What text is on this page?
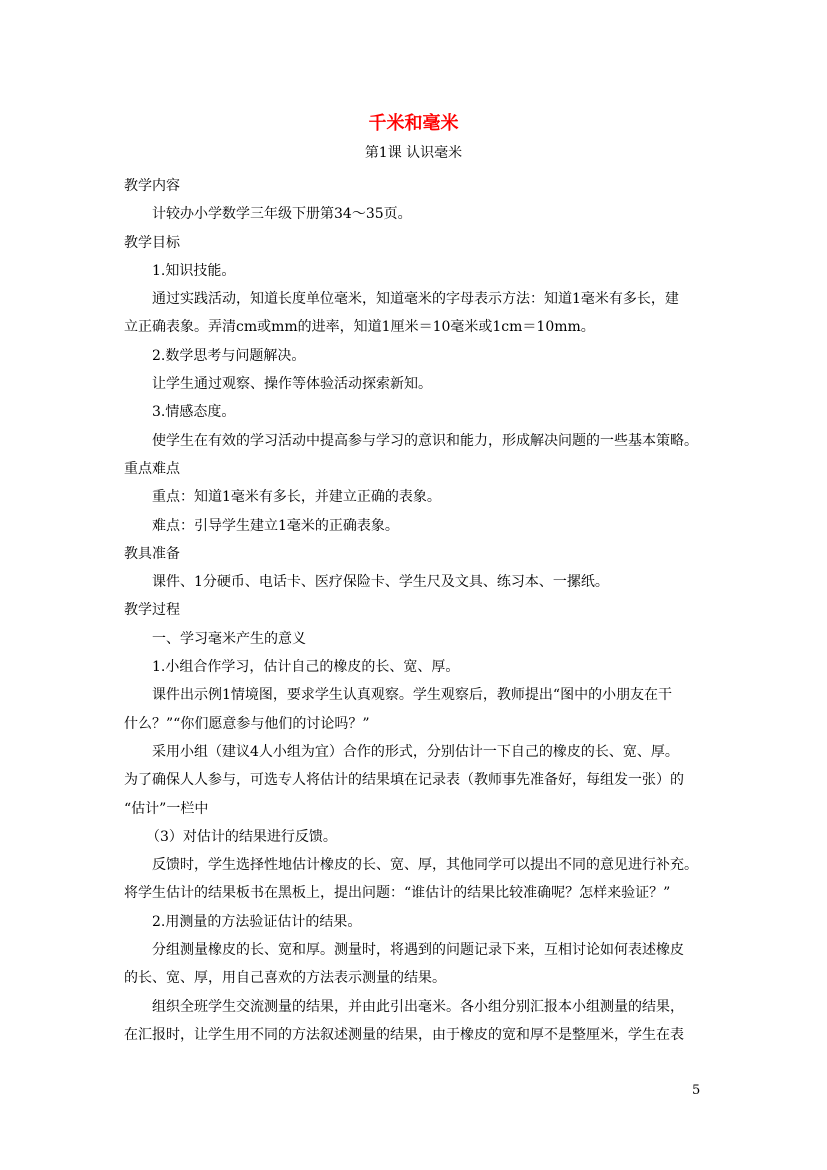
千米和毫米
第1课 认识毫米
教学内容
计较办小学数学三年级下册第34～35页。
教学目标
1.知识技能。
通过实践活动，知道长度单位毫米，知道毫米的字母表示方法：知道1毫米有多长，建
立正确表象。弄清cm或mm的进率，知道1厘米＝10毫米或1cm＝10mm。
2.数学思考与问题解决。
让学生通过观察、操作等体验活动探索新知。
3.情感态度。
使学生在有效的学习活动中提高参与学习的意识和能力，形成解决问题的一些基本策略。
重点难点
重点：知道1毫米有多长，并建立正确的表象。
难点：引导学生建立1毫米的正确表象。
教具准备
课件、1分硬币、电话卡、医疗保险卡、学生尺及文具、练习本、一摞纸。
教学过程
一、学习毫米产生的意义
1.小组合作学习，估计自己的橡皮的长、宽、厚。
课件出示例1情境图，要求学生认真观察。学生观察后，教师提出“图中的小朋友在干
什么？”“你们愿意参与他们的讨论吗？”
采用小组（建议4人小组为宜）合作的形式，分别估计一下自己的橡皮的长、宽、厚。
为了确保人人参与，可选专人将估计的结果填在记录表（教师事先准备好，每组发一张）的
“估计”一栏中
（3）对估计的结果进行反馈。
反馈时，学生选择性地估计橡皮的长、宽、厚，其他同学可以提出不同的意见进行补充。
将学生估计的结果板书在黑板上，提出问题：“谁估计的结果比较准确呢？怎样来验证？”
2.用测量的方法验证估计的结果。
分组测量橡皮的长、宽和厚。测量时，将遇到的问题记录下来，互相讨论如何表述橡皮
的长、宽、厚，用自己喜欢的方法表示测量的结果。
组织全班学生交流测量的结果，并由此引出毫米。各小组分别汇报本小组测量的结果，
在汇报时，让学生用不同的方法叙述测量的结果，由于橡皮的宽和厚不是整厘米，学生在表
5
